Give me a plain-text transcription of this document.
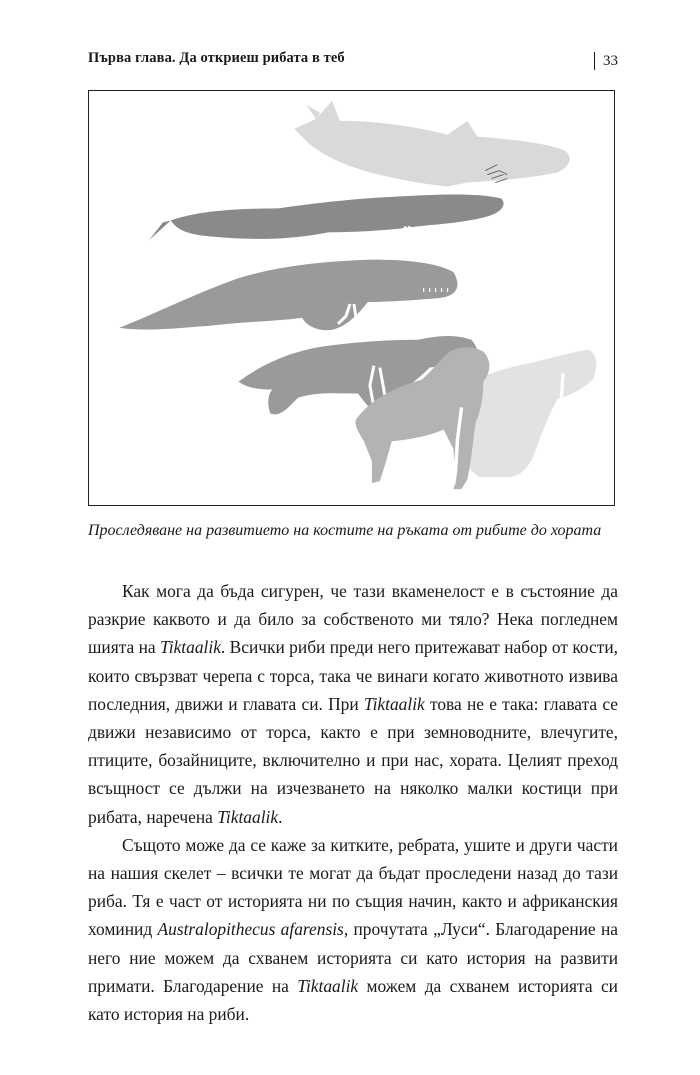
Първа глава. Да откриеш рибата в теб	33
Проследяване на развитието на костите на ръката от рибите до хората

Как мога да бъда сигурен, че тази вкаменелост е в състояние да разкрие каквото и да било за собственото ми тяло? Нека погледнем шията на Tiktaalik. Всички риби преди него притежават набор от кости, които свързват черепа с торса, така че винаги когато животното извива последния, движи и главата си. При Tiktaalik това не е така: главата се движи независимо от торса, както е при земноводните, влечугите, птиците, бозайниците, включително и при нас, хората. Целият преход всъщност се дължи на изчезването на няколко малки костици при рибата, наречена Tiktaalik.

Същото може да се каже за китките, ребрата, ушите и други части на нашия скелет – всички те могат да бъдат проследени назад до тази риба. Тя е част от историята ни по същия начин, както и африканския хоминид Australopithecus afarensis, прочутата „Луси“. Благодарение на него ние можем да схванем историята си като история на развити примати. Благодарение на Tiktaalik можем да схванем историята си като история на риби.
